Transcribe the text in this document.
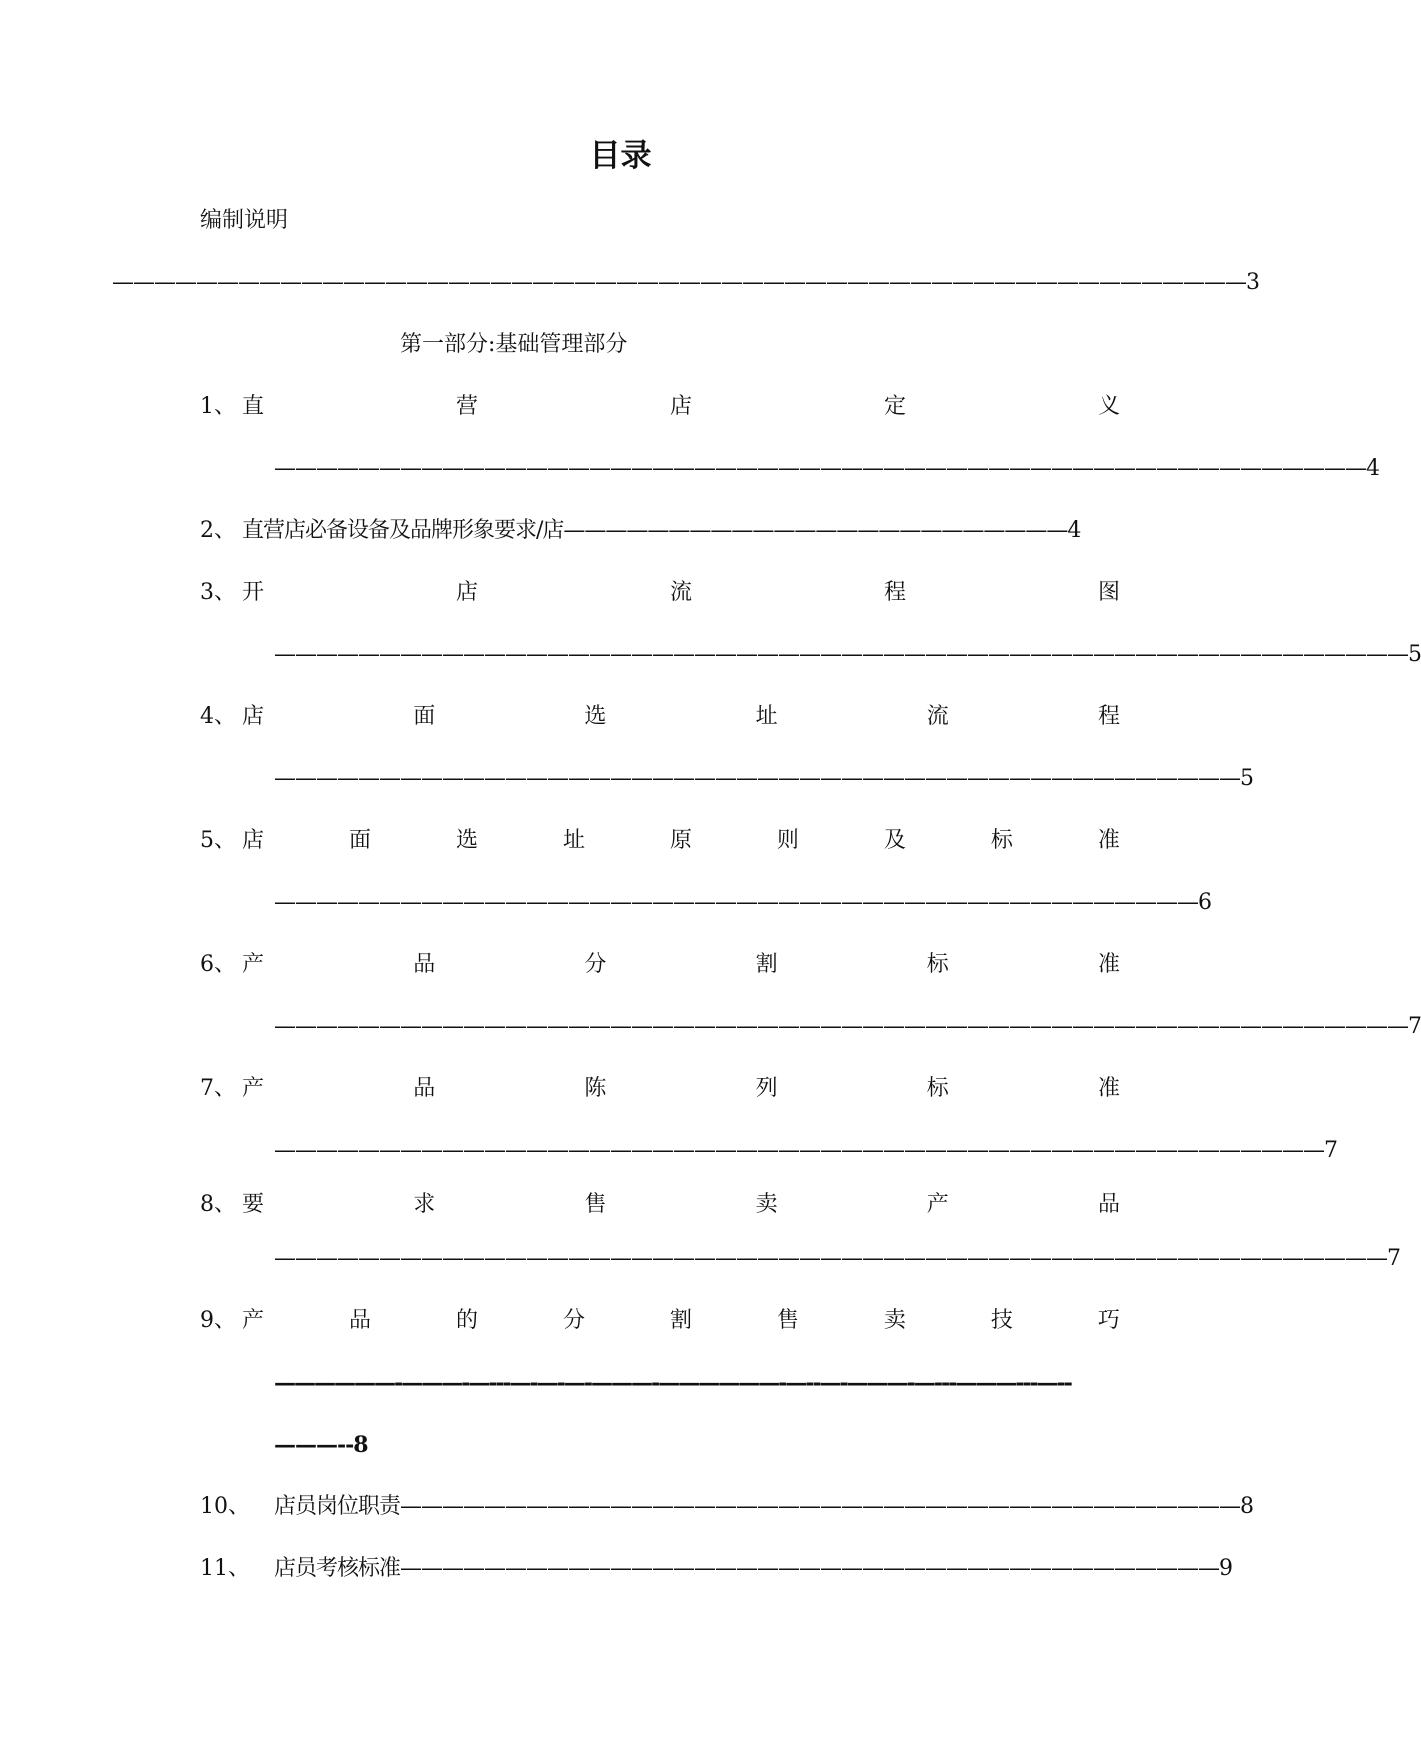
目录
编制说明
——————————————————————————————————————————————————————3
第一部分:基础管理部分
1、 直	营	店	定	义
————————————————————————————————————————————————————4
2、 直营店必备设备及品牌形象要求/店————————————————————————4
3、 开	店	流	程	图
——————————————————————————————————————————————————————5
4、 店	面	选	址	流	程
——————————————————————————————————————————————5
5、 店	面	选	址	原	则	及	标	准
————————————————————————————————————————————6
6、 产	品	分	割	标	准
——————————————————————————————————————————————————————7
7、 产	品	陈	列	标	准
——————————————————————————————————————————————————7
8、 要	求	售	卖	产	品
—————————————————————————————————————————————————————7
9、 产	品	的	分	割	售	卖	技	巧
——————-———-—---—-—-—-———-——————-—--—-———-—---———---—--
———--8
10、 店员岗位职责————————————————————————————————————————8
11、 店员考核标准———————————————————————————————————————9
